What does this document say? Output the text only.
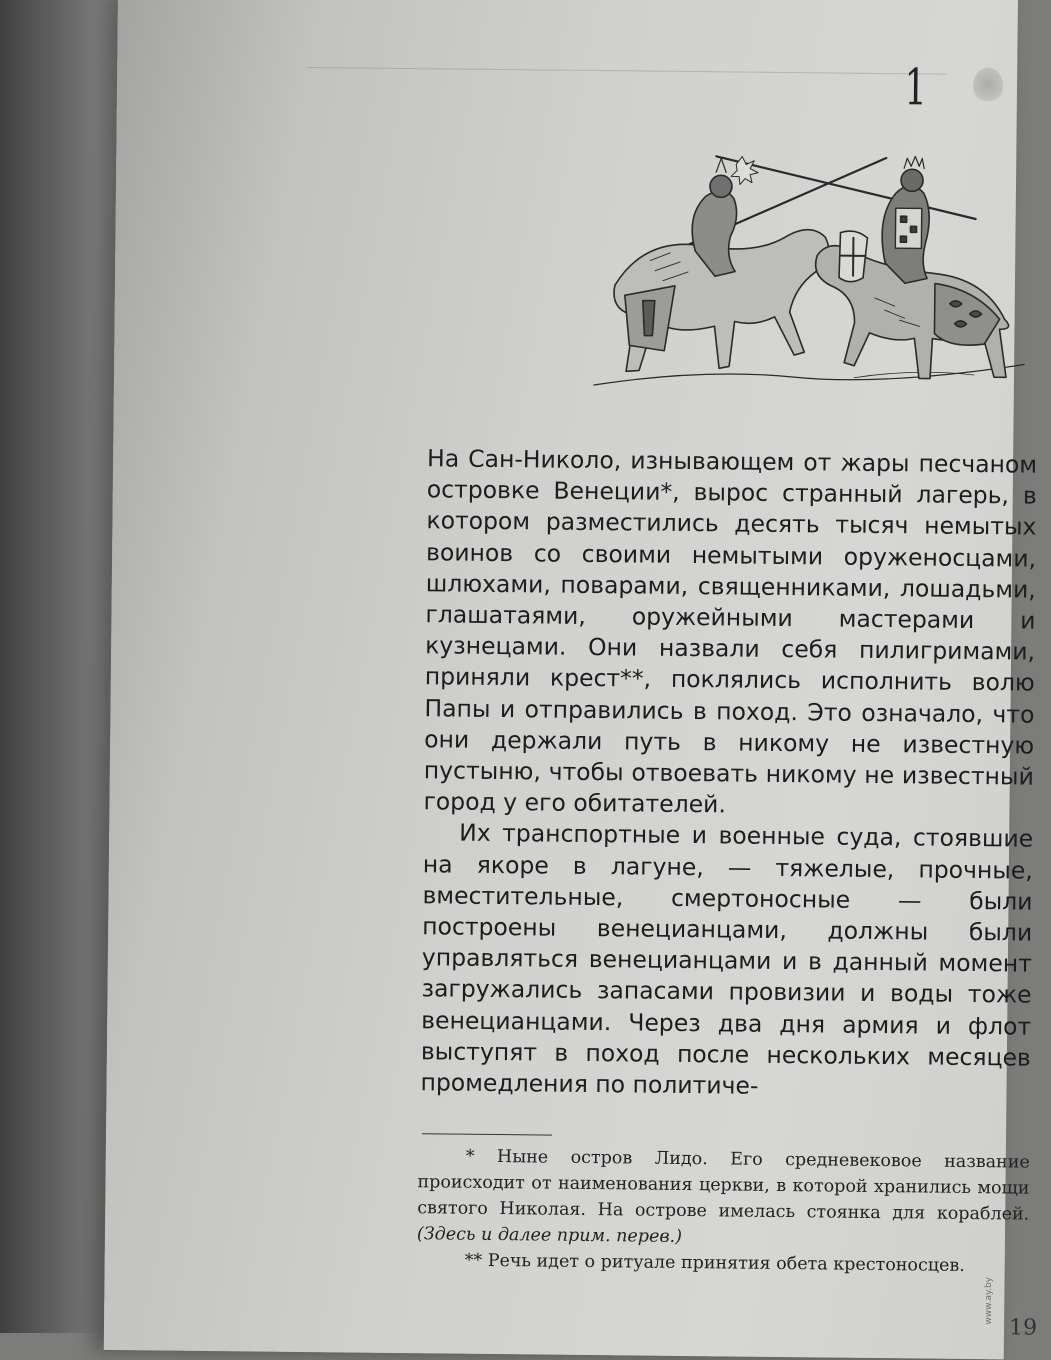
1

На Сан-Николо, изнывающем от жары песчаном островке Венеции*, вырос странный лагерь, в котором разместились десять тысяч немытых воинов со своими немытыми оруженосцами, шлюхами, поварами, священниками, лошадьми, глашатаями, оружейными мастерами и кузнецами. Они назвали себя пилигримами, приняли крест**, поклялись исполнить волю Папы и отправились в поход. Это означало, что они держали путь в никому не известную пустыню, чтобы отвоевать никому не известный город у его обитателей.

Их транспортные и военные суда, стоявшие на якоре в лагуне, — тяжелые, прочные, вместительные, смертоносные — были построены венецианцами, должны были управляться венецианцами и в данный момент загружались запасами провизии и воды тоже венецианцами. Через два дня армия и флот выступят в поход после нескольких месяцев промедления по политиче-

* Ныне остров Лидо. Его средневековое название происходит от наименования церкви, в которой хранились мощи святого Николая. На острове имелась стоянка для кораблей. (Здесь и далее прим. перев.)

** Речь идет о ритуале принятия обета крестоносцев.

19
www.ay.by
